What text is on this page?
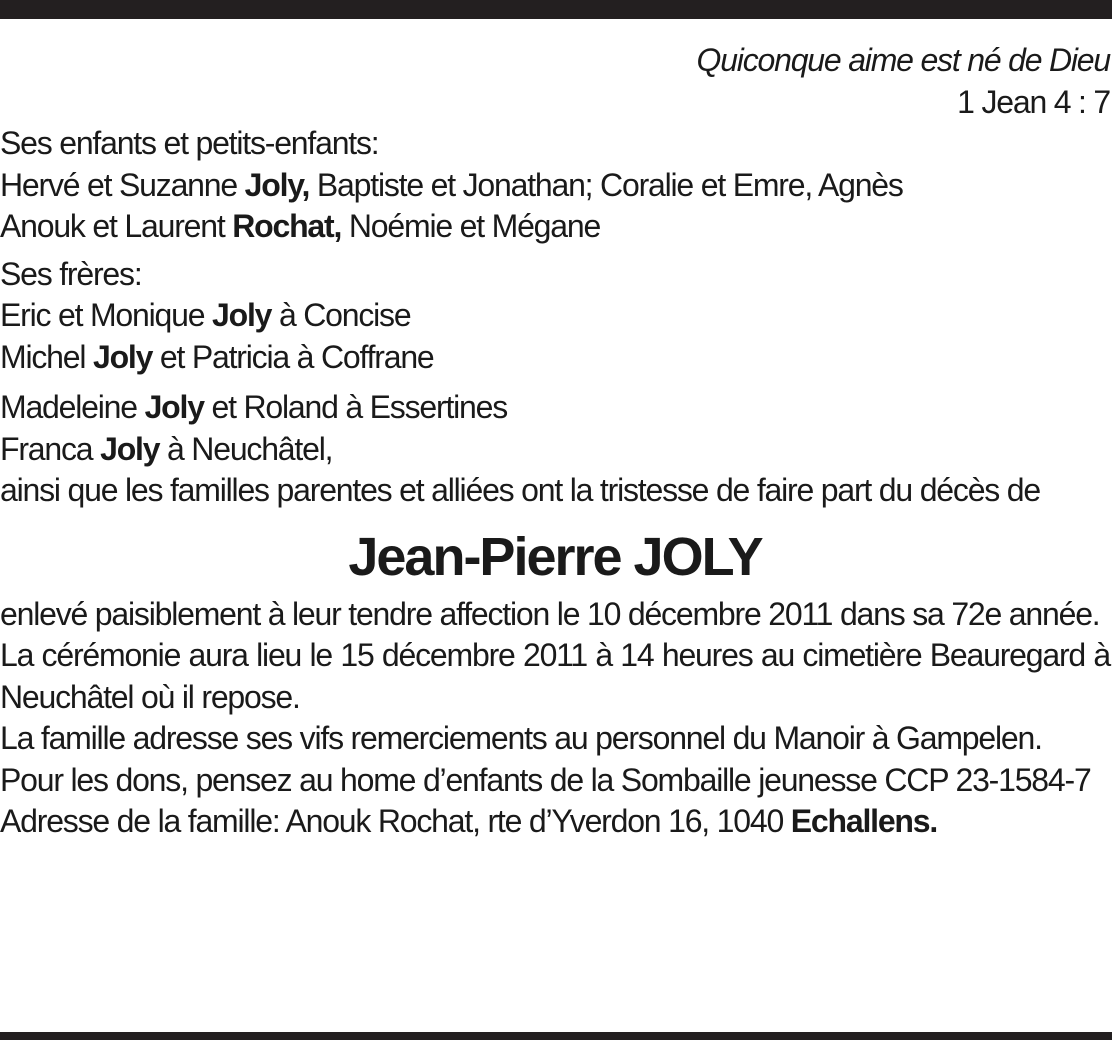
Quiconque aime est né de Dieu
1 Jean 4 : 7
Ses enfants et petits-enfants:
Hervé et Suzanne Joly, Baptiste et Jonathan; Coralie et Emre, Agnès
Anouk et Laurent Rochat, Noémie et Mégane
Ses frères:
Eric et Monique Joly à Concise
Michel Joly et Patricia à Coffrane
Madeleine Joly et Roland à Essertines
Franca Joly à Neuchâtel,
ainsi que les familles parentes et alliées ont la tristesse de faire part du décès de
Jean-Pierre JOLY
enlevé paisiblement à leur tendre affection le 10 décembre 2011 dans sa 72e année.
La cérémonie aura lieu le 15 décembre 2011 à 14 heures au cimetière Beauregard à Neuchâtel où il repose.
La famille adresse ses vifs remerciements au personnel du Manoir à Gampelen.
Pour les dons, pensez au home d’enfants de la Sombaille jeunesse CCP 23-1584-7
Adresse de la famille: Anouk Rochat, rte d’Yverdon 16, 1040 Echallens.
